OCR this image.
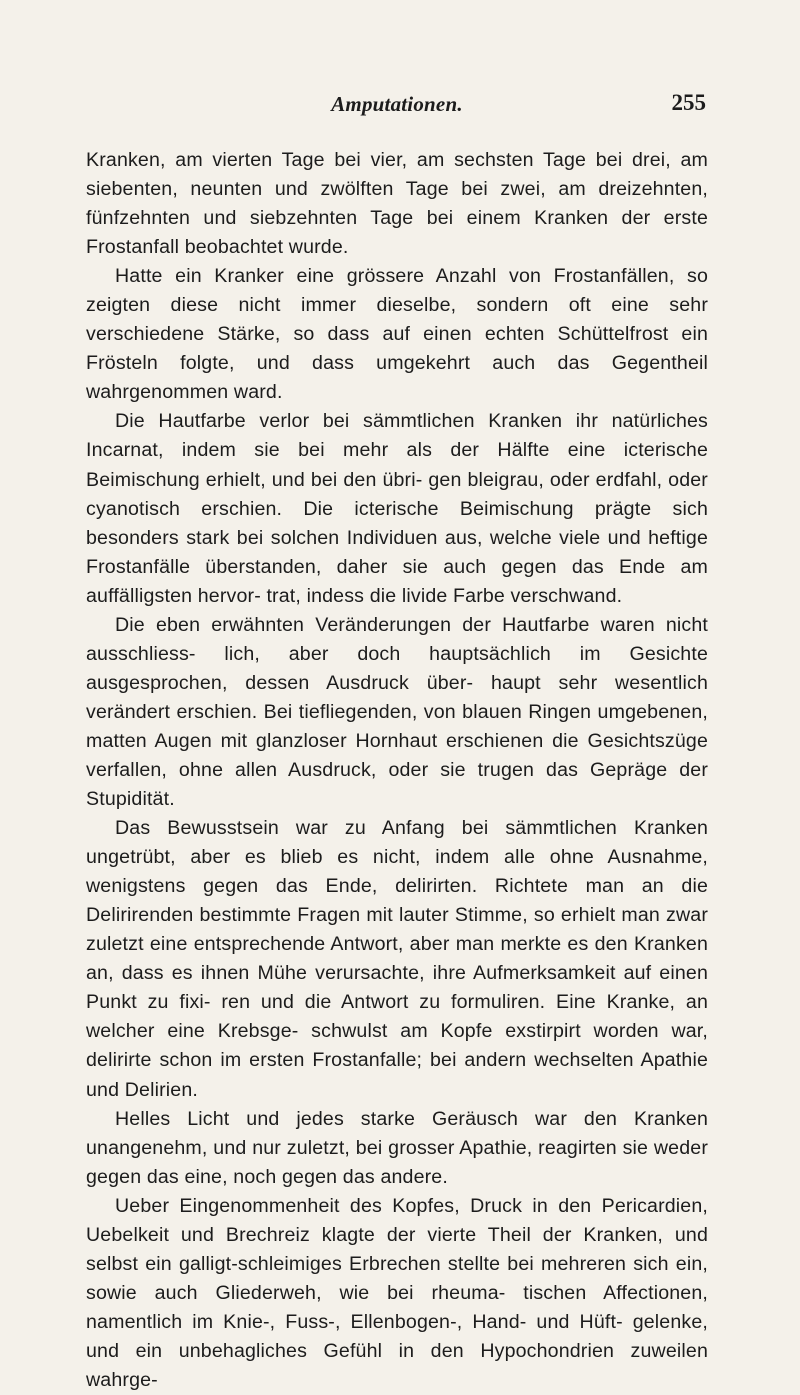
Amputationen.	255

Kranken, am vierten Tage bei vier, am sechsten Tage bei drei, am siebenten, neunten und zwölften Tage bei zwei, am dreizehnten, fünfzehnten und siebzehnten Tage bei einem Kranken der erste Frostanfall beobachtet wurde.

Hatte ein Kranker eine grössere Anzahl von Frostanfällen, so zeigten diese nicht immer dieselbe, sondern oft eine sehr verschiedene Stärke, so dass auf einen echten Schüttelfrost ein Frösteln folgte, und dass umgekehrt auch das Gegentheil wahrgenommen ward.

Die Hautfarbe verlor bei sämmtlichen Kranken ihr natürliches Incarnat, indem sie bei mehr als der Hälfte eine icterische Beimischung erhielt, und bei den übri- gen bleigrau, oder erdfahl, oder cyanotisch erschien. Die icterische Beimischung prägte sich besonders stark bei solchen Individuen aus, welche viele und heftige Frostanfälle überstanden, daher sie auch gegen das Ende am auffälligsten hervor- trat, indess die livide Farbe verschwand.

Die eben erwähnten Veränderungen der Hautfarbe waren nicht ausschliess- lich, aber doch hauptsächlich im Gesichte ausgesprochen, dessen Ausdruck über- haupt sehr wesentlich verändert erschien. Bei tiefliegenden, von blauen Ringen umgebenen, matten Augen mit glanzloser Hornhaut erschienen die Gesichtszüge verfallen, ohne allen Ausdruck, oder sie trugen das Gepräge der Stupidität.

Das Bewusstsein war zu Anfang bei sämmtlichen Kranken ungetrübt, aber es blieb es nicht, indem alle ohne Ausnahme, wenigstens gegen das Ende, delirirten. Richtete man an die Delirirenden bestimmte Fragen mit lauter Stimme, so erhielt man zwar zuletzt eine entsprechende Antwort, aber man merkte es den Kranken an, dass es ihnen Mühe verursachte, ihre Aufmerksamkeit auf einen Punkt zu fixi- ren und die Antwort zu formuliren. Eine Kranke, an welcher eine Krebsge- schwulst am Kopfe exstirpirt worden war, delirirte schon im ersten Frostanfalle; bei andern wechselten Apathie und Delirien.

Helles Licht und jedes starke Geräusch war den Kranken unangenehm, und nur zuletzt, bei grosser Apathie, reagirten sie weder gegen das eine, noch gegen das andere.

Ueber Eingenommenheit des Kopfes, Druck in den Pericardien, Uebelkeit und Brechreiz klagte der vierte Theil der Kranken, und selbst ein galligt-schleimiges Erbrechen stellte bei mehreren sich ein, sowie auch Gliederweh, wie bei rheuma- tischen Affectionen, namentlich im Knie-, Fuss-, Ellenbogen-, Hand- und Hüft- gelenke, und ein unbehagliches Gefühl in den Hypochondrien zuweilen wahrge-
